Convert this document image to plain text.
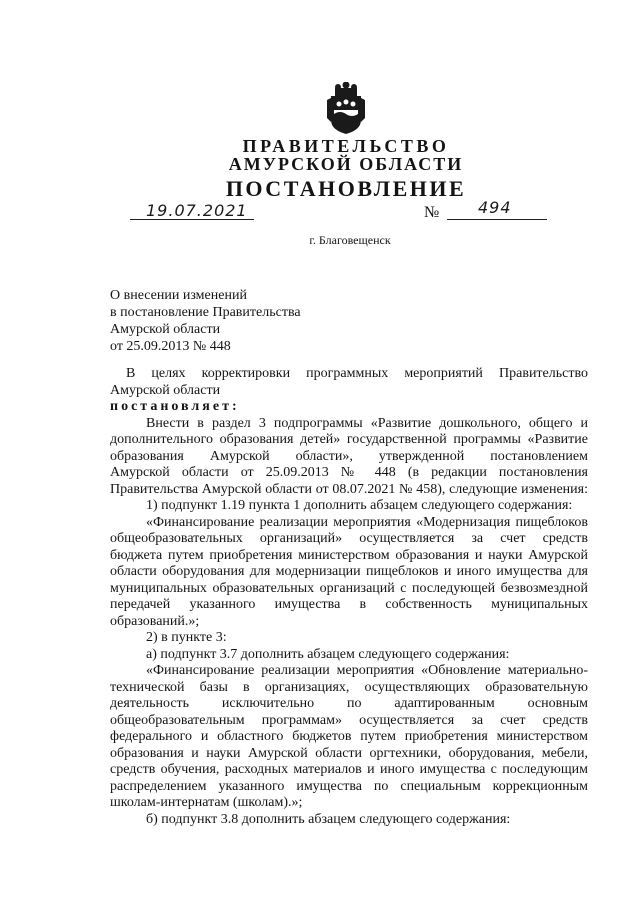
ПРАВИТЕЛЬСТВО
АМУРСКОЙ ОБЛАСТИ
ПОСТАНОВЛЕНИЕ
19.07.2021	№ 494
г. Благовещенск
О внесении изменений
в постановление Правительства
Амурской области
от 25.09.2013 № 448
В целях корректировки программных мероприятий Правительство
Амурской области
постановляет:
Внести в раздел 3 подпрограммы «Развитие дошкольного, общего и
дополнительного образования детей» государственной программы «Развитие
образования Амурской области», утвержденной постановлением
Амурской области от 25.09.2013 № 448 (в редакции постановления
Правительства Амурской области от 08.07.2021 № 458), следующие изменения:
1) подпункт 1.19 пункта 1 дополнить абзацем следующего содержания:
«Финансирование реализации мероприятия «Модернизация пищеблоков
общеобразовательных организаций» осуществляется за счет средств
бюджета путем приобретения министерством образования и науки Амурской
области оборудования для модернизации пищеблоков и иного имущества для
муниципальных образовательных организаций с последующей безвозмездной
передачей указанного имущества в собственность муниципальных
образований.»;
2) в пункте 3:
а) подпункт 3.7 дополнить абзацем следующего содержания:
«Финансирование реализации мероприятия «Обновление материально-
технической базы в организациях, осуществляющих образовательную
деятельность исключительно по адаптированным основным
общеобразовательным программам» осуществляется за счет средств
федерального и областного бюджетов путем приобретения министерством
образования и науки Амурской области оргтехники, оборудования, мебели,
средств обучения, расходных материалов и иного имущества с последующим
распределением указанного имущества по специальным коррекционным
школам-интернатам (школам).»;
б) подпункт 3.8 дополнить абзацем следующего содержания:
